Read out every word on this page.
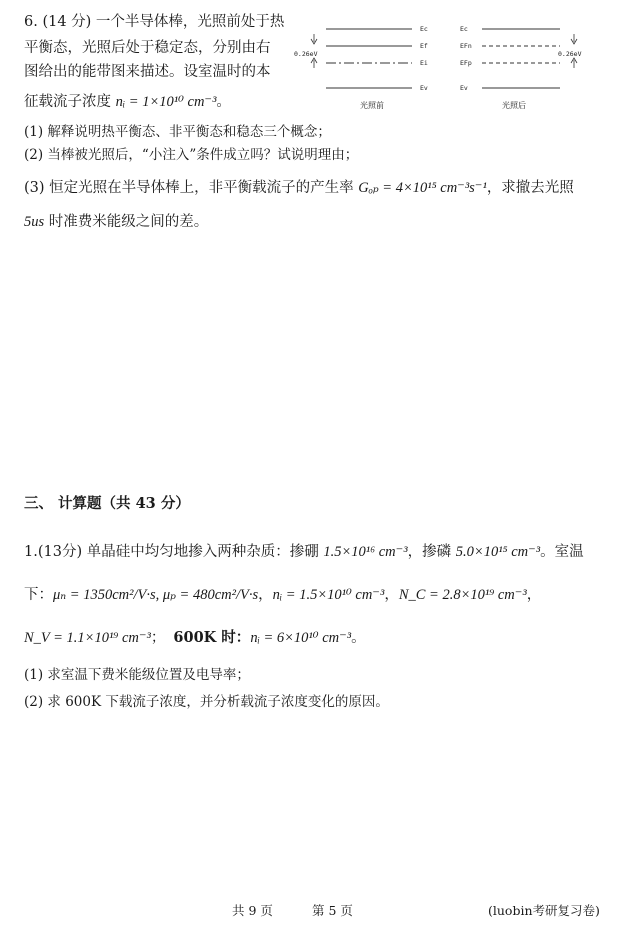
6. (14 分) 一个半导体棒，光照前处于热
平衡态，光照后处于稳定态，分别由右
图给出的能带图来描述。设室温时的本
征载流子浓度 nᵢ = 1×10¹⁰ cm⁻³。
Ec
Ef
Ei
Ev
0.26eV
光照前
Ec
EFn
EFp
Ev
0.26eV
光照后
(1) 解释说明热平衡态、非平衡态和稳态三个概念；
(2) 当棒被光照后，“小注入”条件成立吗？试说明理由；
(3) 恒定光照在半导体棒上，非平衡载流子的产生率 Gₒₚ = 4×10¹⁵ cm⁻³s⁻¹，求撤去光照
5us 时准费米能级之间的差。
三、 计算题（共 43 分）
1.(13分) 单晶硅中均匀地掺入两种杂质：掺硼 1.5×10¹⁶ cm⁻³，掺磷 5.0×10¹⁵ cm⁻³。室温
下：μₙ = 1350cm²/V·s, μₚ = 480cm²/V·s，nᵢ = 1.5×10¹⁰ cm⁻³，N_C = 2.8×10¹⁹ cm⁻³，
N_V = 1.1×10¹⁹ cm⁻³； 600K 时：nᵢ = 6×10¹⁰ cm⁻³。
(1) 求室温下费米能级位置及电导率；
(2) 求 600K 下载流子浓度，并分析载流子浓度变化的原因。
共 9 页	第 5 页	(luobin考研复习卷)
